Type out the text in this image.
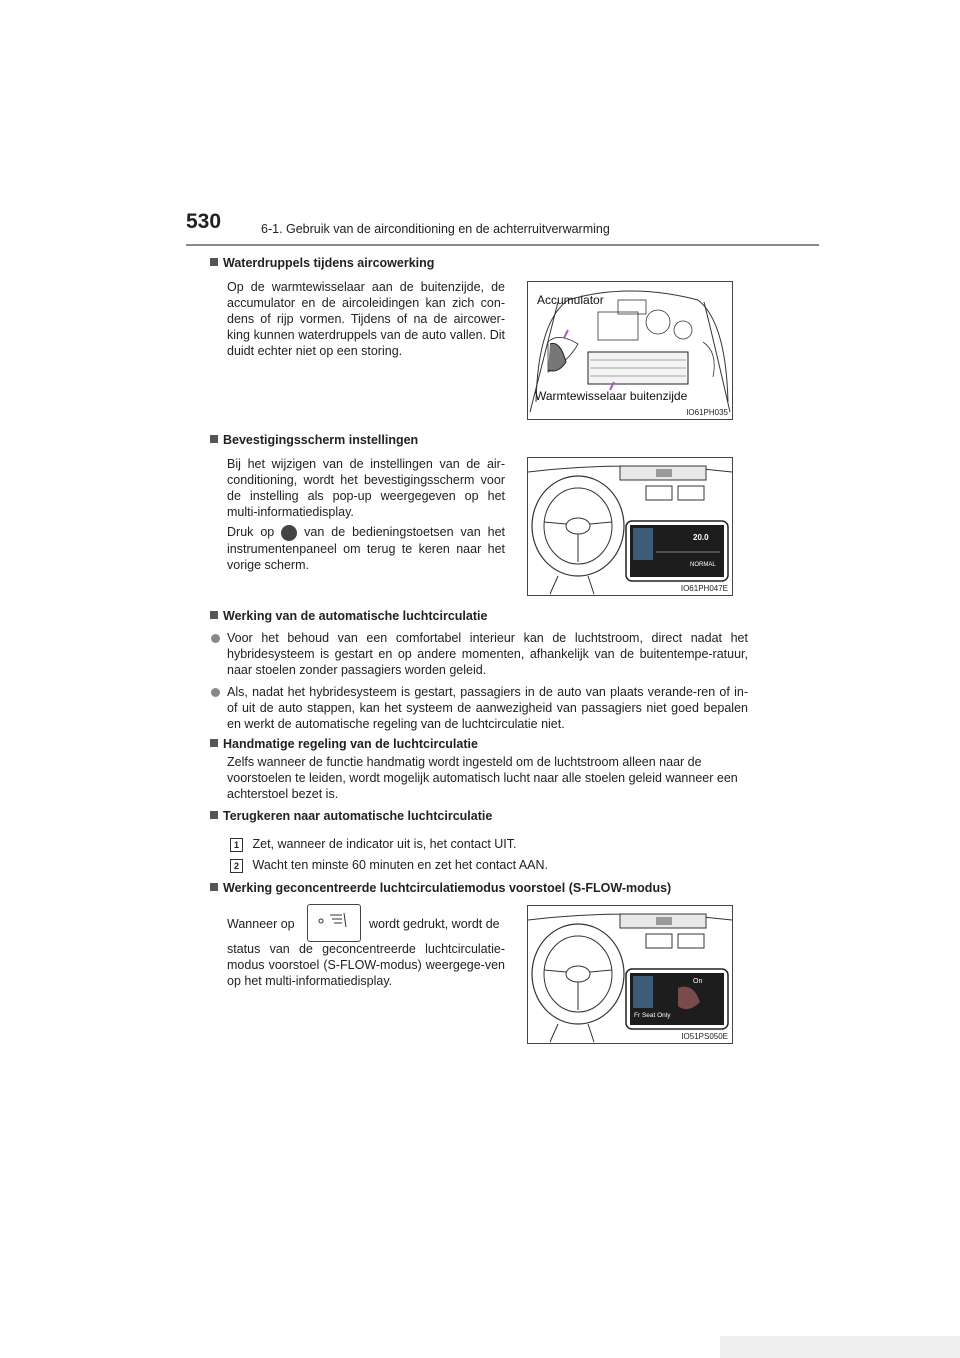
530	6-1. Gebruik van de airconditioning en de achterruitverwarming
Waterdruppels tijdens aircowerking
Op de warmtewisselaar aan de buitenzijde, de accumulator en de aircoleidingen kan zich con-dens of rijp vormen. Tijdens of na de aircower-king kunnen waterdruppels van de auto vallen. Dit duidt echter niet op een storing.
Accumulator
Warmtewisselaar buitenzijde
IO61PH035
Bevestigingsscherm instellingen
Bij het wijzigen van de instellingen van de air-conditioning, wordt het bevestigingsscherm voor de instelling als pop-up weergegeven op het multi-informatiedisplay.
Druk op van de bedieningstoetsen van het instrumentenpaneel om terug te keren naar het vorige scherm.
20.0
NORMAL
IO61PH047E
Werking van de automatische luchtcirculatie
Voor het behoud van een comfortabel interieur kan de luchtstroom, direct nadat het hybridesysteem is gestart en op andere momenten, afhankelijk van de buitentempe-ratuur, naar stoelen zonder passagiers worden geleid.
Als, nadat het hybridesysteem is gestart, passagiers in de auto van plaats verande-ren of in- of uit de auto stappen, kan het systeem de aanwezigheid van passagiers niet goed bepalen en werkt de automatische regeling van de luchtcirculatie niet.
Handmatige regeling van de luchtcirculatie
Zelfs wanneer de functie handmatig wordt ingesteld om de luchtstroom alleen naar de voorstoelen te leiden, wordt mogelijk automatisch lucht naar alle stoelen geleid wanneer een achterstoel bezet is.
Terugkeren naar automatische luchtcirculatie
1 Zet, wanneer de indicator uit is, het contact UIT.
2 Wacht ten minste 60 minuten en zet het contact AAN.
Werking geconcentreerde luchtcirculatiemodus voorstoel (S-FLOW-modus)
Wanneer op	wordt gedrukt, wordt de
status van de geconcentreerde luchtcirculatie-modus voorstoel (S-FLOW-modus) weergege-ven op het multi-informatiedisplay.	On
Fr Seat Only
IO51PS050E
